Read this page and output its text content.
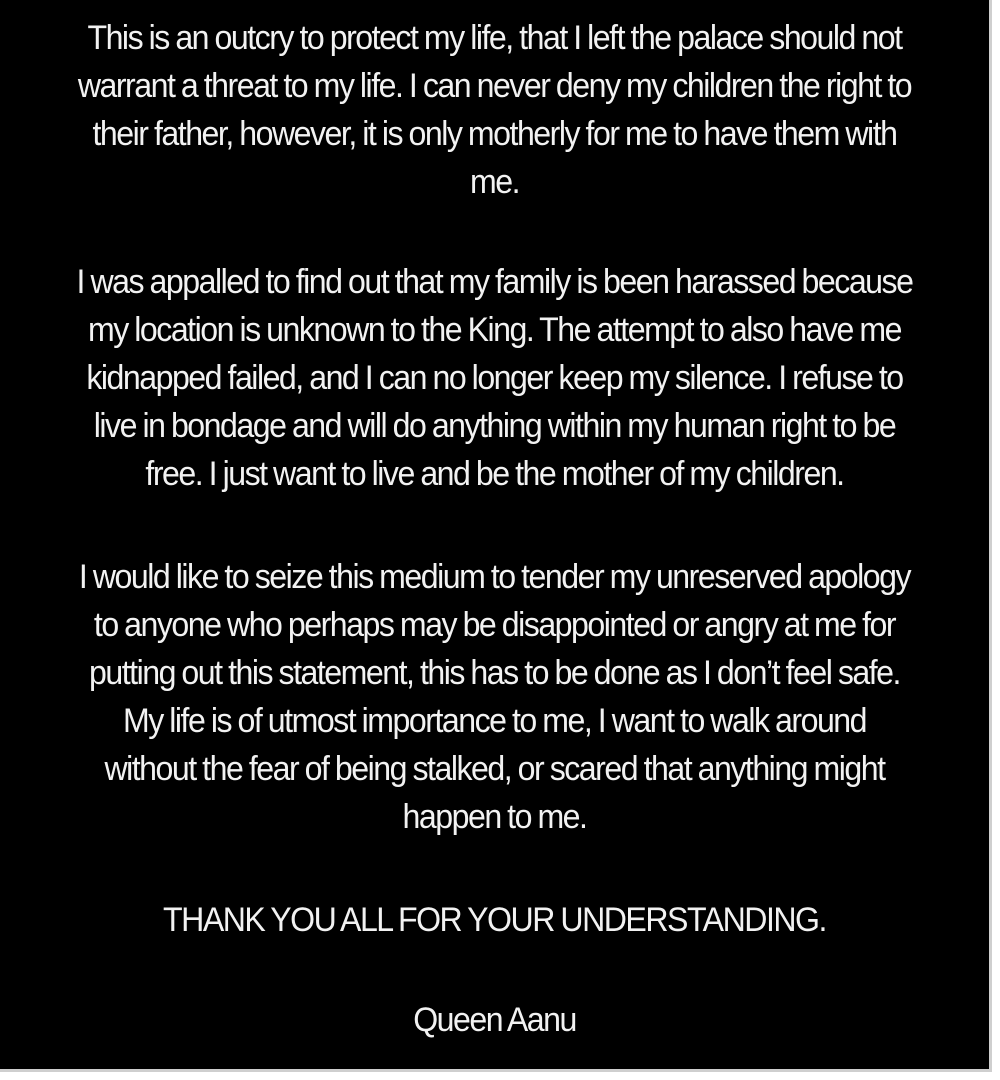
This is an outcry to protect my life, that I left the palace should not
warrant a threat to my life. I can never deny my children the right to
their father, however, it is only motherly for me to have them with
me.

I was appalled to find out that my family is been harassed because
my location is unknown to the King. The attempt to also have me
kidnapped failed, and I can no longer keep my silence. I refuse to
live in bondage and will do anything within my human right to be
free. I just want to live and be the mother of my children.

I would like to seize this medium to tender my unreserved apology
to anyone who perhaps may be disappointed or angry at me for
putting out this statement, this has to be done as I don’t feel safe.
My life is of utmost importance to me, I want to walk around
without the fear of being stalked, or scared that anything might
happen to me.

THANK YOU ALL FOR YOUR UNDERSTANDING.

Queen Aanu
